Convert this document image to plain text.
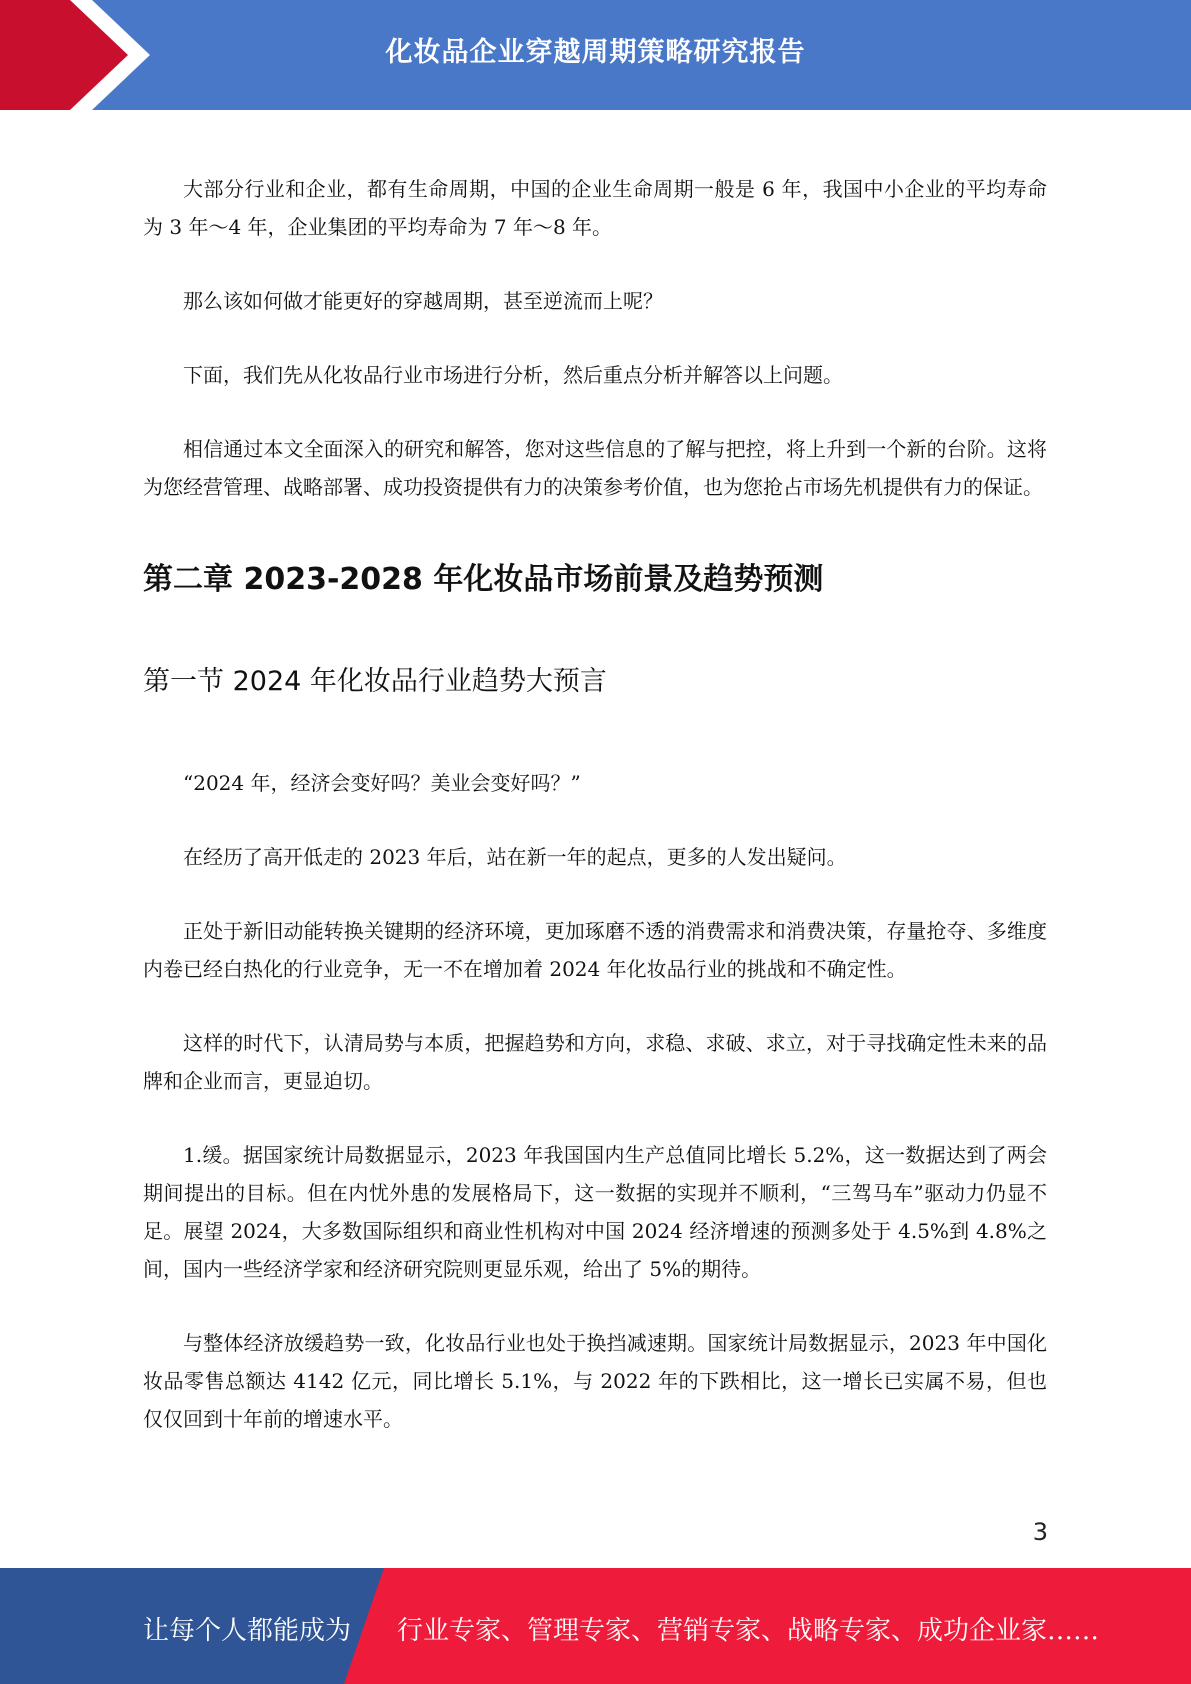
化妆品企业穿越周期策略研究报告

大部分行业和企业，都有生命周期，中国的企业生命周期一般是 6 年，我国中小企业的平均寿命为 3 年～4 年，企业集团的平均寿命为 7 年～8 年。

那么该如何做才能更好的穿越周期，甚至逆流而上呢？

下面，我们先从化妆品行业市场进行分析，然后重点分析并解答以上问题。

相信通过本文全面深入的研究和解答，您对这些信息的了解与把控，将上升到一个新的台阶。这将为您经营管理、战略部署、成功投资提供有力的决策参考价值，也为您抢占市场先机提供有力的保证。

第二章 2023-2028 年化妆品市场前景及趋势预测
第一节 2024 年化妆品行业趋势大预言

“2024 年，经济会变好吗？美业会变好吗？”

在经历了高开低走的 2023 年后，站在新一年的起点，更多的人发出疑问。

正处于新旧动能转换关键期的经济环境，更加琢磨不透的消费需求和消费决策，存量抢夺、多维度内卷已经白热化的行业竞争，无一不在增加着 2024 年化妆品行业的挑战和不确定性。

这样的时代下，认清局势与本质，把握趋势和方向，求稳、求破、求立，对于寻找确定性未来的品牌和企业而言，更显迫切。

1.缓。据国家统计局数据显示，2023 年我国国内生产总值同比增长 5.2%，这一数据达到了两会期间提出的目标。但在内忧外患的发展格局下，这一数据的实现并不顺利，“三驾马车”驱动力仍显不足。展望 2024，大多数国际组织和商业性机构对中国 2024 经济增速的预测多处于 4.5%到 4.8%之间，国内一些经济学家和经济研究院则更显乐观，给出了 5%的期待。

与整体经济放缓趋势一致，化妆品行业也处于换挡减速期。国家统计局数据显示，2023 年中国化妆品零售总额达 4142 亿元，同比增长 5.1%，与 2022 年的下跌相比，这一增长已实属不易，但也仅仅回到十年前的增速水平。

3
让每个人都能成为 行业专家、管理专家、营销专家、战略专家、成功企业家……
